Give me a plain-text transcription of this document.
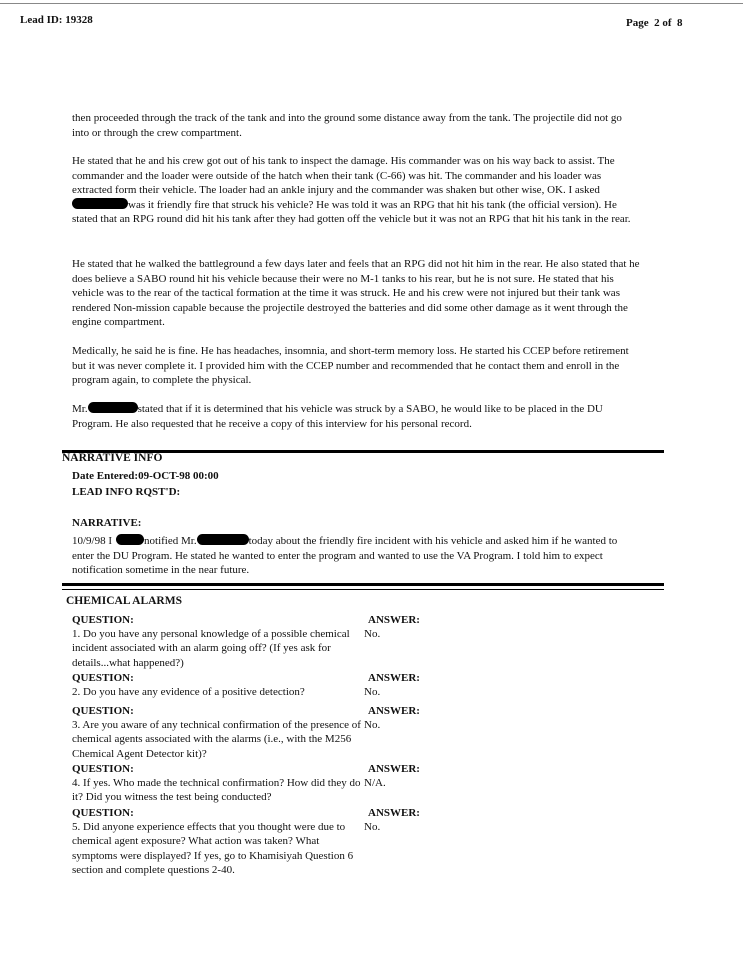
Lead ID: 19328	Page  2 of  8

then proceeded through the track of the tank and into the ground some distance away from the tank. The projectile did not go into or through the crew compartment.

He stated that he and his crew got out of his tank to inspect the damage. His commander was on his way back to assist. The commander and the loader were outside of the hatch when their tank (C-66) was hit. The commander and his loader was extracted form their vehicle. The loader had an ankle injury and the commander was shaken but other wise, OK. I askedwas it friendly fire that struck his vehicle? He was told it was an RPG that hit his tank (the official version). He stated that an RPG round did hit his tank after they had gotten off the vehicle but it was not an RPG that hit his tank in the rear.

He stated that he walked the battleground a few days later and feels that an RPG did not hit him in the rear. He also stated that he does believe a SABO round hit his vehicle because their were no M-1 tanks to his rear, but he is not sure. He stated that his vehicle was to the rear of the tactical formation at the time it was struck. He and his crew were not injured but their tank was rendered Non-mission capable because the projectile destroyed the batteries and did some other damage as it went through the engine compartment.

Medically, he said he is fine. He has headaches, insomnia, and short-term memory loss. He started his CCEP before retirement but it was never complete it. I provided him with the CCEP number and recommended that he contact them and enroll in the program again, to complete the physical.

Mr.	stated that if it is determined that his vehicle was struck by a SABO, he would like to be placed in the DU Program. He also requested that he receive a copy of this interview for his personal record.

NARRATIVE INFO
Date Entered:09-OCT-98 00:00
LEAD INFO RQST'D:
NARRATIVE:

10/9/98 I	notified Mr.	today about the friendly fire incident with his vehicle and asked him if he wanted to enter the DU Program. He stated he wanted to enter the program and wanted to use the VA Program. I told him to expect notification sometime in the near future.

CHEMICAL ALARMS
QUESTION:	ANSWER:

1. Do you have any personal knowledge of a possible chemical incident associated with an alarm going off? (If yes ask for details...what happened?)

No.
QUESTION:	ANSWER:

2. Do you have any evidence of a positive detection?	No.
QUESTION:	ANSWER:

3. Are you aware of any technical confirmation of the presence of chemical agents associated with the alarms (i.e., with the M256 Chemical Agent Detector kit)?

No.
QUESTION:	ANSWER:

4. If yes. Who made the technical confirmation? How did they do it? Did you witness the test being conducted?

N/A.
QUESTION:	ANSWER:

5. Did anyone experience effects that you thought were due to chemical agent exposure? What action was taken? What symptoms were displayed? If yes, go to Khamisiyah Question 6 section and complete questions 2-40.

No.
